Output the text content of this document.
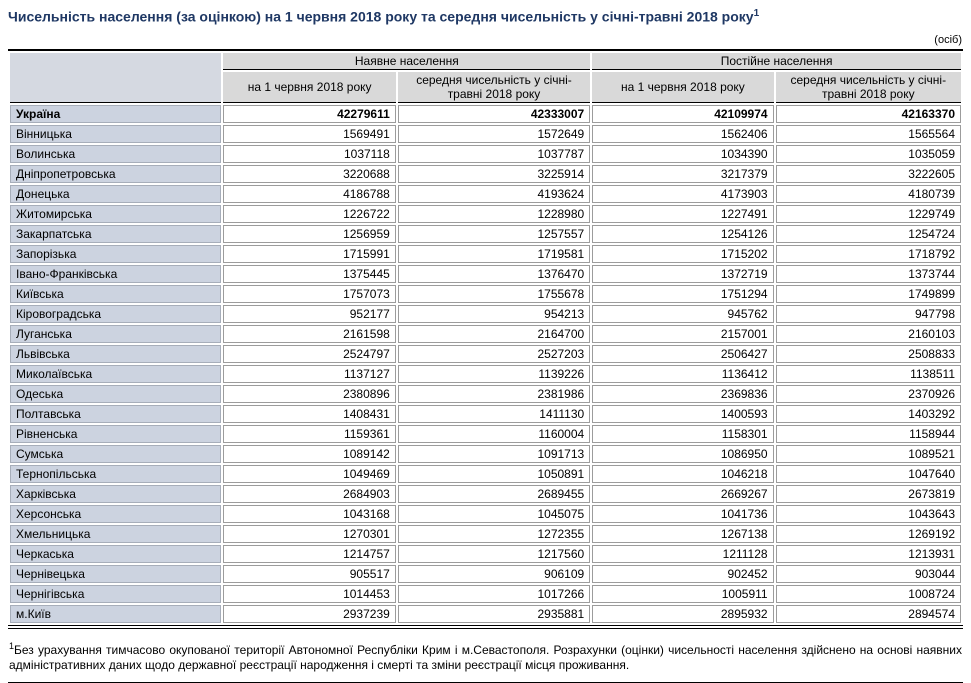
Чисельність населення (за оцінкою) на 1 червня 2018 року та середня чисельність у січні-травні 2018 року$^1$
(осіб)
	Наявне населення		Постійне населення	
	на 1 червня 2018 року	середня чисельність у січні-травні 2018 року	на 1 червня 2018 року	середня чисельність у січні-травні 2018 року
Україна	42279611	42333007	42109974	42163370
Вінницька	1569491	1572649	1562406	1565564
Волинська	1037118	1037787	1034390	1035059
Дніпропетровська	3220688	3225914	3217379	3222605
Донецька	4186788	4193624	4173903	4180739
Житомирська	1226722	1228980	1227491	1229749
Закарпатська	1256959	1257557	1254126	1254724
Запорізька	1715991	1719581	1715202	1718792
Івано-Франківська	1375445	1376470	1372719	1373744
Київська	1757073	1755678	1751294	1749899
Кіровоградська	952177	954213	945762	947798
Луганська	2161598	2164700	2157001	2160103
Львівська	2524797	2527203	2506427	2508833
Миколаївська	1137127	1139226	1136412	1138511
Одеська	2380896	2381986	2369836	2370926
Полтавська	1408431	1411130	1400593	1403292
Рівненська	1159361	1160004	1158301	1158944
Сумська	1089142	1091713	1086950	1089521
Тернопільська	1049469	1050891	1046218	1047640
Харківська	2684903	2689455	2669267	2673819
Херсонська	1043168	1045075	1041736	1043643
Хмельницька	1270301	1272355	1267138	1269192
Черкаська	1214757	1217560	1211128	1213931
Чернівецька	905517	906109	902452	903044
Чернігівська	1014453	1017266	1005911	1008724
м.Київ	2937239	2935881	2895932	2894574
$^1$Без урахування тимчасово окупованої території Автономної Республіки Крим і м.Севастополя. Розрахунки (оцінки) чисельності населення здійснено на основі наявних адміністративних даних щодо державної реєстрації народження і смерті та зміни реєстрації місця проживання.
